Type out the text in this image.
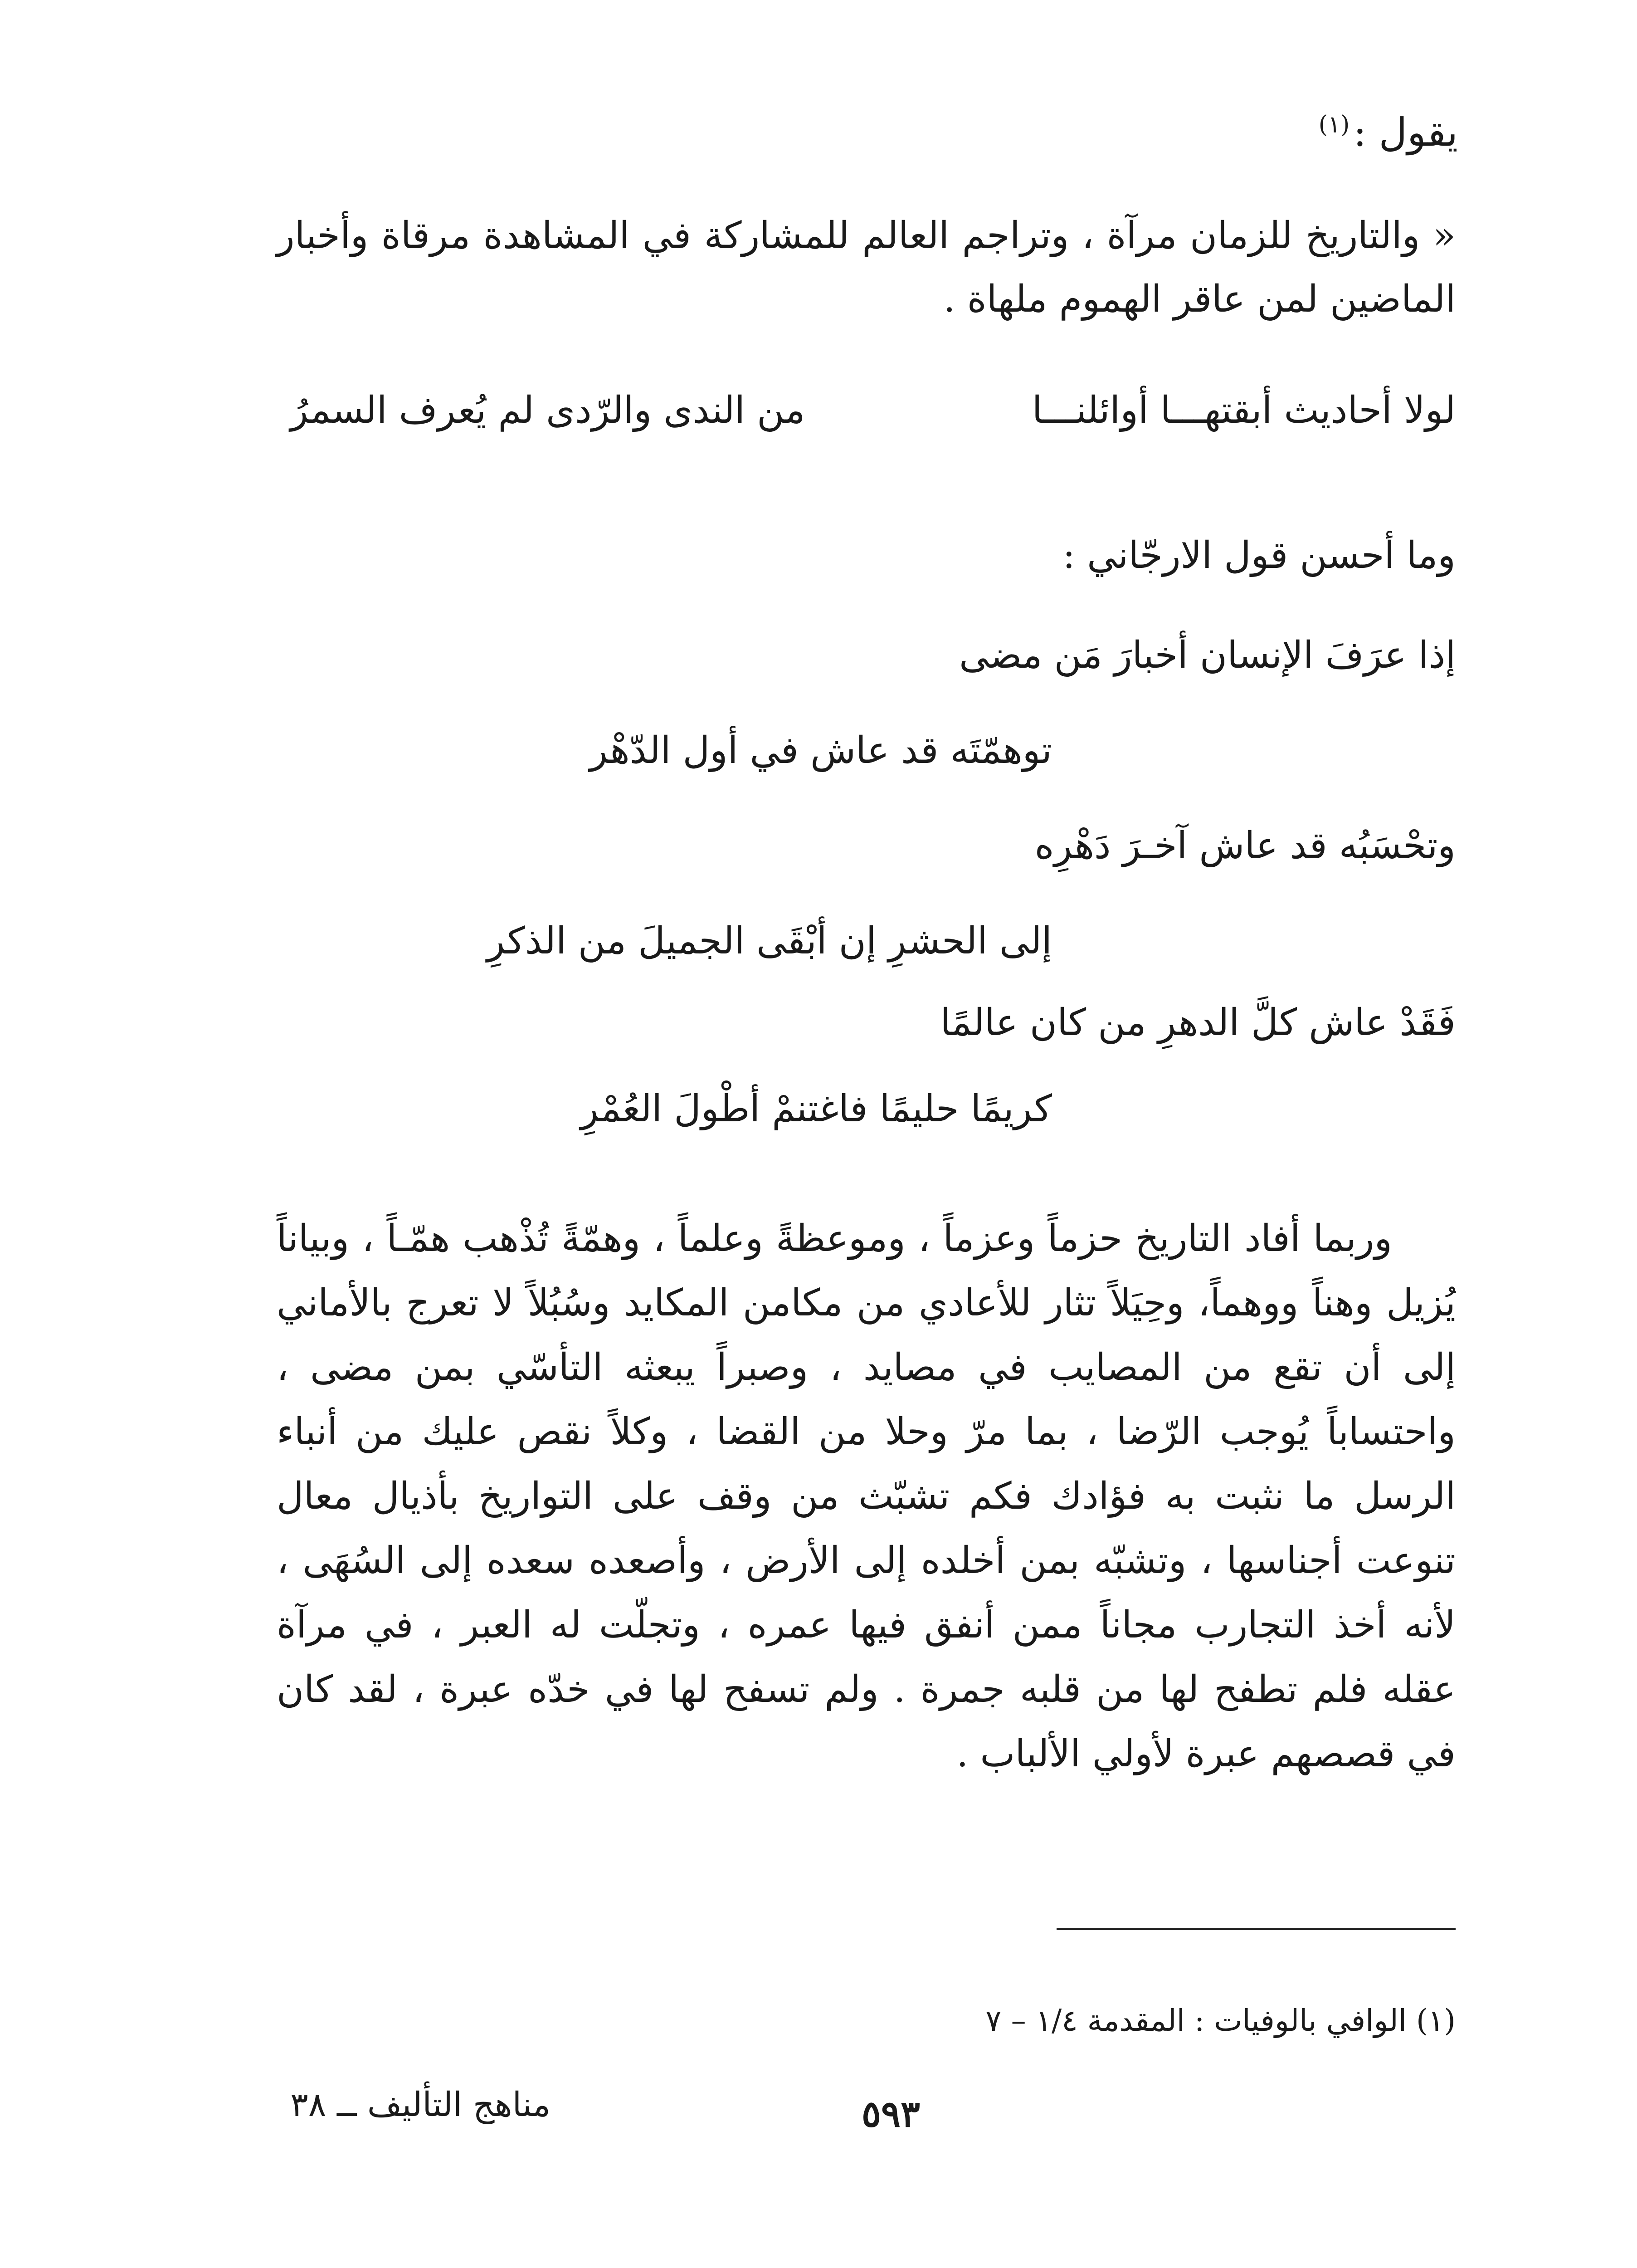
يقول :$^{(١)}$
« والتاريخ للزمان مرآة ، وتراجم العالم للمشاركة في المشاهدة مرقاة وأخبار الماضين لمن عاقر الهموم ملهاة .
لولا أحاديث أبقتهـــا أوائلنـــا
من الندى والرّدى لم يُعرف السمرُ
وما أحسن قول الارجّاني :
إذا عرَفَ الإنسان أخبارَ مَن مضى
توهمّتَه قد عاش في أول الدّهْر
وتحْسَبُه قد عاش آخـرَ دَهْرِه
إلى الحشرِ إن أبْقَى الجميلَ من الذكرِ
فَقَدْ عاش كلَّ الدهرِ من كان عالمًا
كريمًا حليمًا فاغتنمْ أطْولَ العُمْرِ
وربما أفاد التاريخ حزماً وعزماً ، وموعظةً وعلماً ، وهمّةً تُذْهب همّـاً ، وبياناً يُزيل وهناً ووهماً، وحِيَلاً تثار للأعادي من مكامن المكايد وسُبُلاً لا تعرج بالأماني إلى أن تقع من المصايب في مصايد ، وصبراً يبعثه التأسّي بمن مضى ، واحتساباً يُوجب الرّضا ، بما مرّ وحلا من القضا ، وكلاً نقص عليك من أنباء الرسل ما نثبت به فؤادك فكم تشبّث من وقف على التواريخ بأذيال معال تنوعت أجناسها ، وتشبّه بمن أخلده إلى الأرض ، وأصعده سعده إلى السُهَى ، لأنه أخذ التجارب مجاناً ممن أنفق فيها عمره ، وتجلّت له العبر ، في مرآة عقله فلم تطفح لها من قلبه جمرة . ولم تسفح لها في خدّه عبرة ، لقد كان في قصصهم عبرة لأولي الألباب .
(١) الوافي بالوفيات : المقدمة ١/٤ – ٧
٥٩٣
مناهج التأليف ــ ٣٨
